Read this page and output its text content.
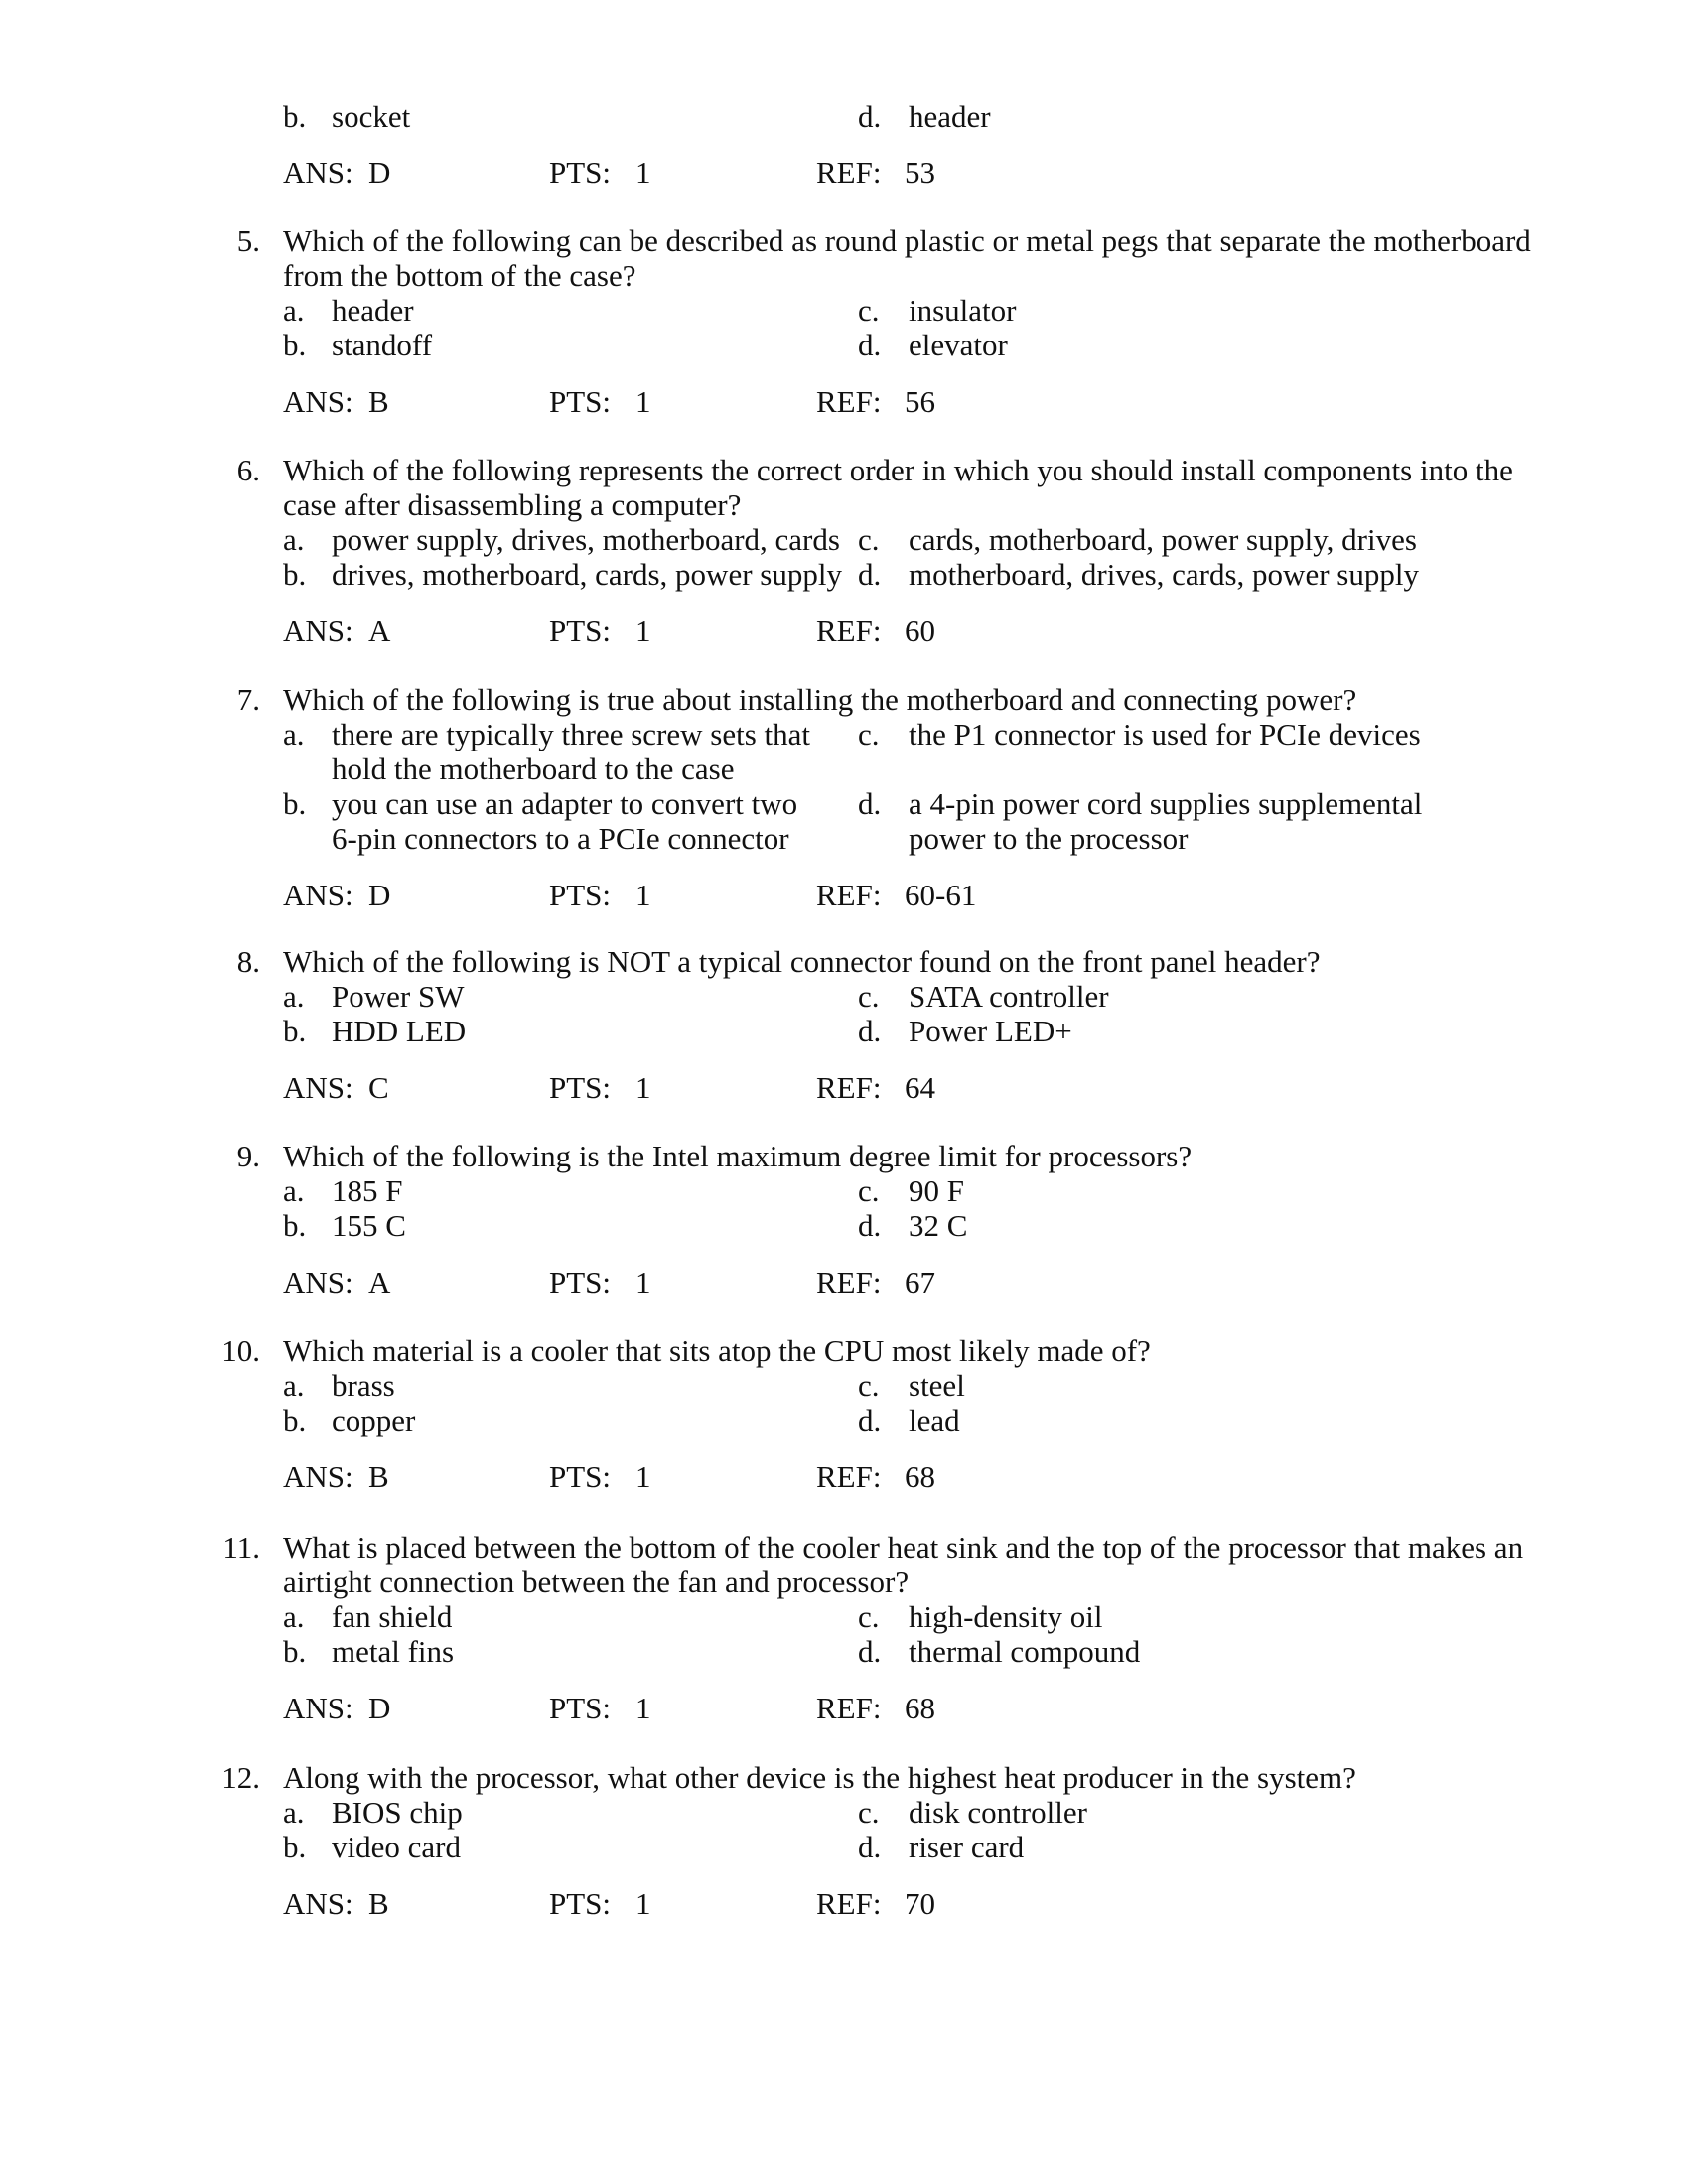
b. socket	d. header
ANS: D	PTS: 1	REF: 53
5. Which of the following can be described as round plastic or metal pegs that separate the motherboard
from the bottom of the case?
a. header	c. insulator
b. standoff	d. elevator
ANS: B	PTS: 1	REF: 56
6. Which of the following represents the correct order in which you should install components into the
case after disassembling a computer?
a. power supply, drives, motherboard, cards c. cards, motherboard, power supply, drives
b. drives, motherboard, cards, power supply d. motherboard, drives, cards, power supply
ANS: A	PTS: 1	REF: 60
7. Which of the following is true about installing the motherboard and connecting power?
a. there are typically three screw sets that
hold the motherboard to the case
c. the P1 connector is used for PCIe devices
b. you can use an adapter to convert two
6-pin connectors to a PCIe connector
d. a 4-pin power cord supplies supplemental
power to the processor
ANS: D	PTS: 1	REF: 60-61
8. Which of the following is NOT a typical connector found on the front panel header?
a. Power SW	c. SATA controller
b. HDD LED	d. Power LED+
ANS: C	PTS: 1	REF: 64
9. Which of the following is the Intel maximum degree limit for processors?
a. 185 F	c. 90 F
b. 155 C	d. 32 C
ANS: A	PTS: 1	REF: 67
10. Which material is a cooler that sits atop the CPU most likely made of?
a. brass	c. steel
b. copper	d. lead
ANS: B	PTS: 1	REF: 68
11. What is placed between the bottom of the cooler heat sink and the top of the processor that makes an
airtight connection between the fan and processor?
a. fan shield	c. high-density oil
b. metal fins	d. thermal compound
ANS: D	PTS: 1	REF: 68
12. Along with the processor, what other device is the highest heat producer in the system?
a. BIOS chip	c. disk controller
b. video card	d. riser card
ANS: B	PTS: 1	REF: 70
